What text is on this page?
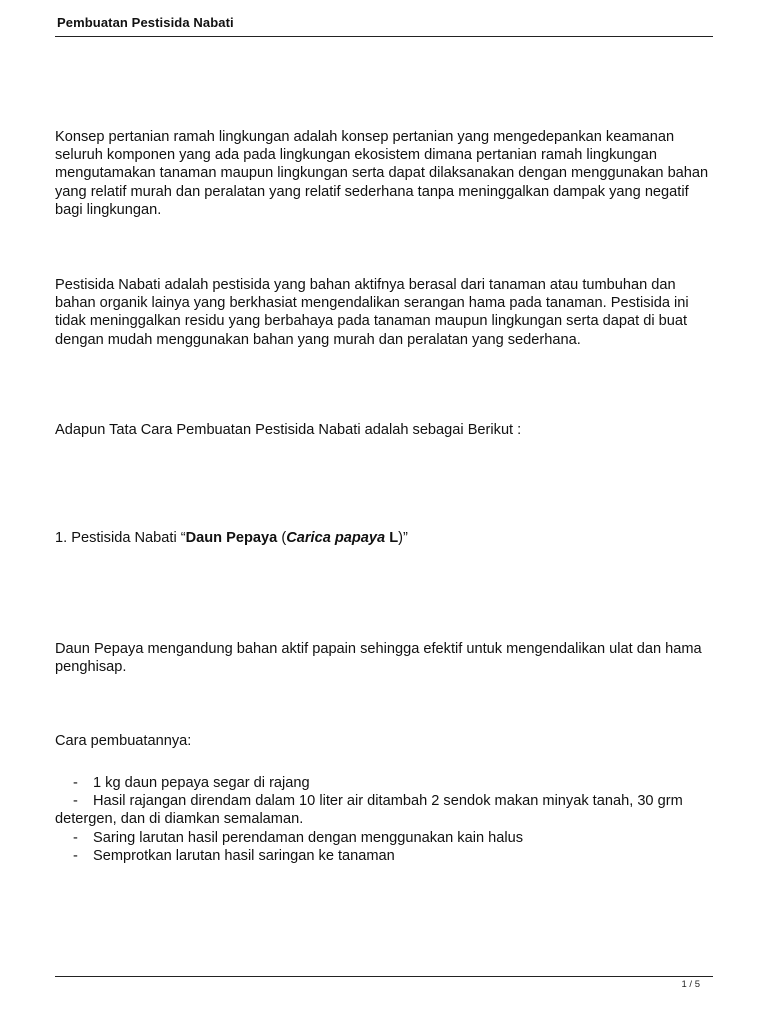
Pembuatan Pestisida Nabati

Konsep pertanian ramah lingkungan adalah konsep pertanian yang mengedepankan keamanan seluruh komponen yang ada pada lingkungan ekosistem dimana pertanian ramah lingkungan mengutamakan tanaman maupun lingkungan serta dapat dilaksanakan dengan menggunakan bahan yang relatif murah dan peralatan yang relatif sederhana tanpa meninggalkan dampak yang negatif bagi lingkungan.

Pestisida Nabati adalah pestisida yang bahan aktifnya berasal dari tanaman atau tumbuhan dan bahan organik lainya yang berkhasiat mengendalikan serangan hama pada tanaman. Pestisida ini tidak meninggalkan residu yang berbahaya pada tanaman maupun lingkungan serta dapat di buat dengan mudah menggunakan bahan yang murah dan peralatan yang sederhana.

Adapun Tata Cara Pembuatan Pestisida Nabati adalah sebagai Berikut :

1. Pestisida Nabati “Daun Pepaya (Carica papaya L)”

Daun Pepaya mengandung bahan aktif papain sehingga efektif untuk mengendalikan ulat dan hama penghisap.

Cara pembuatannya:

- 1 kg daun pepaya segar di rajang
- Hasil rajangan direndam dalam 10 liter air ditambah 2 sendok makan minyak tanah, 30 grm detergen, dan di diamkan semalaman.
- Saring larutan hasil perendaman dengan menggunakan kain halus
- Semprotkan larutan hasil saringan ke tanaman
1 / 5
